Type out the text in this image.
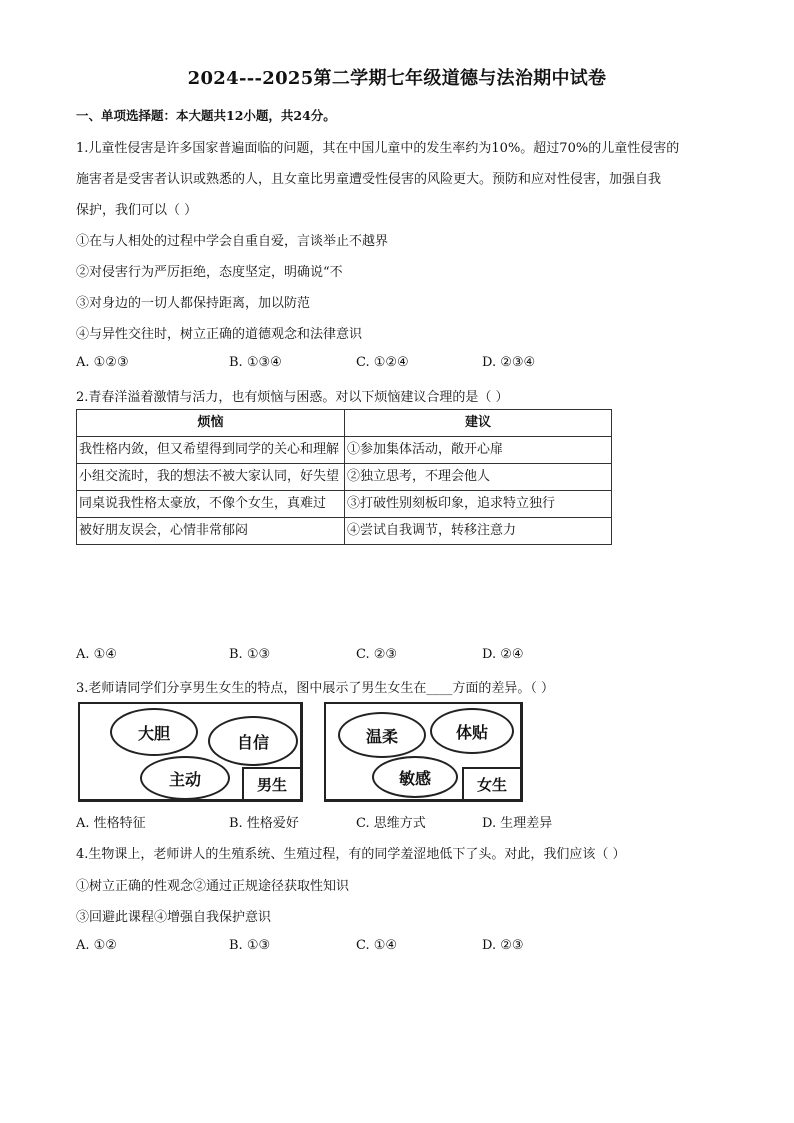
2024---2025第二学期七年级道德与法治期中试卷
一、单项选择题：本大题共12小题，共24分。
1.儿童性侵害是许多国家普遍面临的问题，其在中国儿童中的发生率约为10%。超过70%的儿童性侵害的
施害者是受害者认识或熟悉的人，且女童比男童遭受性侵害的风险更大。预防和应对性侵害，加强自我
保护，我们可以（ ）
①在与人相处的过程中学会自重自爱，言谈举止不越界
②对侵害行为严厉拒绝，态度坚定，明确说“不
③对身边的一切人都保持距离，加以防范
④与异性交往时，树立正确的道德观念和法律意识
A. ①②③	B. ①③④	C. ①②④	D. ②③④
2.青春洋溢着激情与活力，也有烦恼与困惑。对以下烦恼建议合理的是（ ）
烦恼	建议
我性格内敛，但又希望得到同学的关心和理解	①参加集体活动，敞开心扉
小组交流时，我的想法不被大家认同，好失望	②独立思考，不理会他人
同桌说我性格太豪放，不像个女生，真难过	③打破性别刻板印象，追求特立独行
被好朋友误会，心情非常郁闷	④尝试自我调节，转移注意力
A. ①④	B. ①③	C. ②③	D. ②④
3.老师请同学们分享男生女生的特点，图中展示了男生女生在____方面的差异。（ ）
大胆	自信
主动	男生
温柔	体贴
敏感	女生
A. 性格特征	B. 性格爱好	C. 思维方式	D. 生理差异
4.生物课上，老师讲人的生殖系统、生殖过程，有的同学羞涩地低下了头。对此，我们应该（ ）
①树立正确的性观念②通过正规途径获取性知识
③回避此课程④增强自我保护意识
A. ①②	B. ①③	C. ①④	D. ②③
